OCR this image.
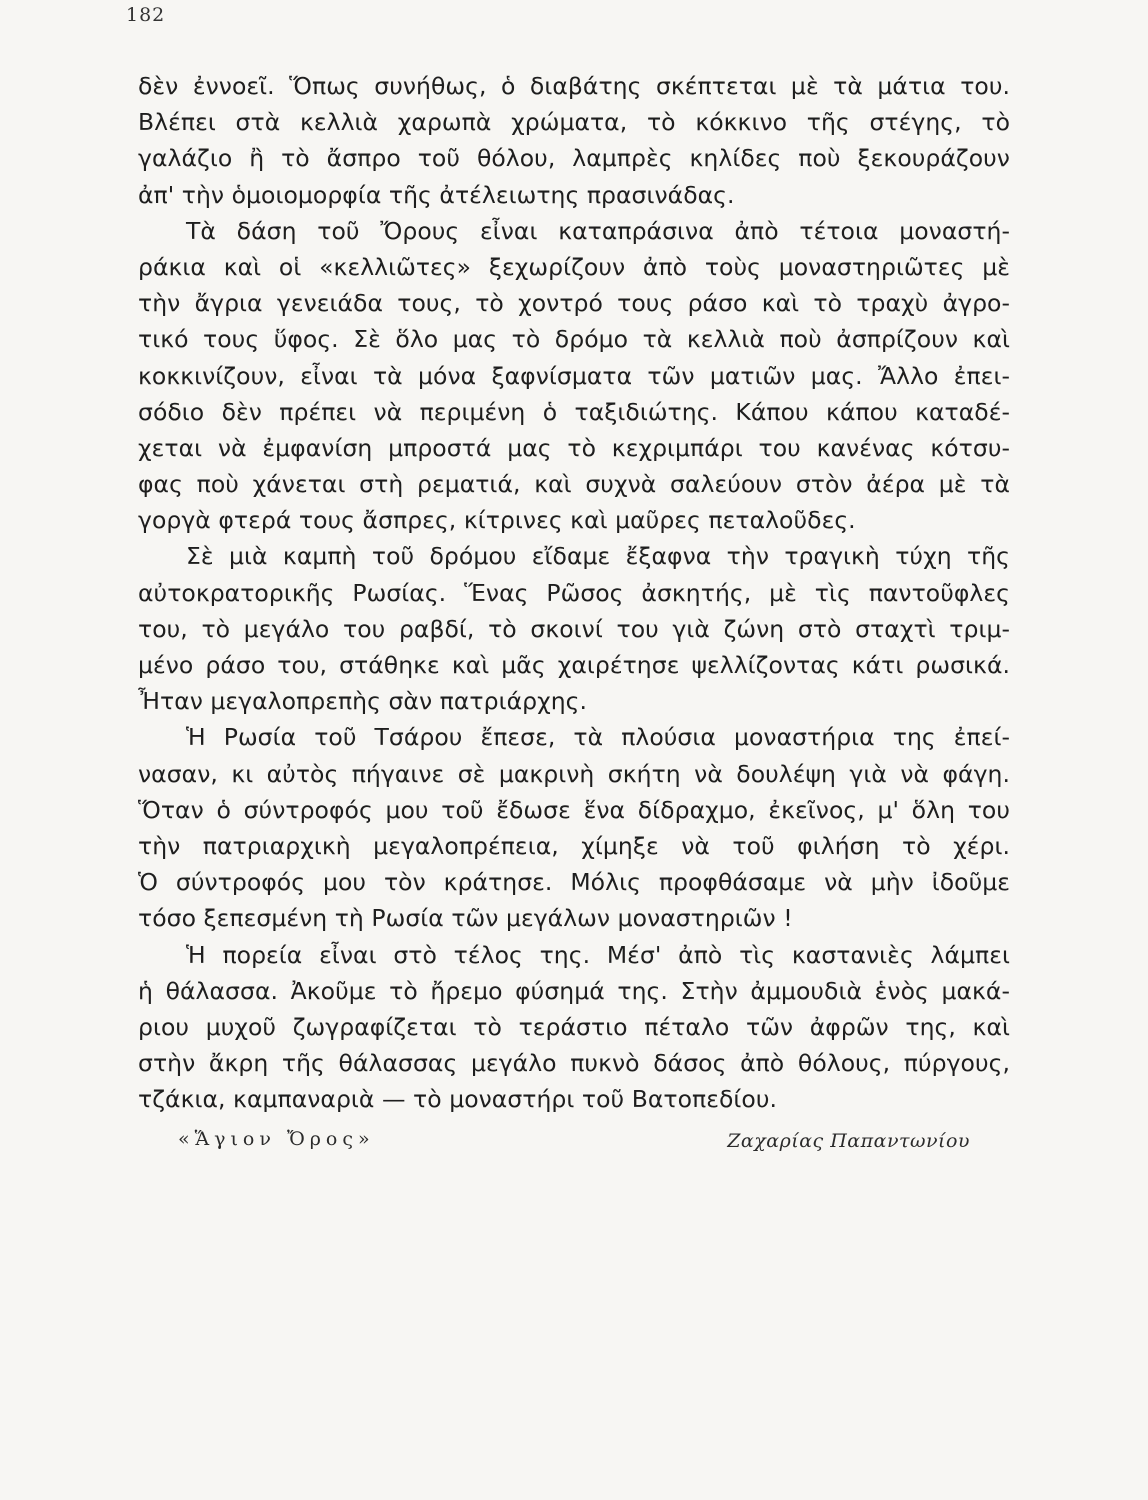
182
δὲν ἐννοεῖ. Ὅπως συνήθως, ὁ διαβάτης σκέπτεται μὲ τὰ μάτια του.
Βλέπει στὰ κελλιὰ χαρωπὰ χρώματα, τὸ κόκκινο τῆς στέγης, τὸ
γαλάζιο ἢ τὸ ἄσπρο τοῦ θόλου, λαμπρὲς κηλίδες ποὺ ξεκουράζουν
ἀπ' τὴν ὁμοιομορφία τῆς ἀτέλειωτης πρασινάδας.
Τὰ δάση τοῦ Ὄρους εἶναι καταπράσινα ἀπὸ τέτοια μοναστή-
ράκια καὶ οἱ «κελλιῶτες» ξεχωρίζουν ἀπὸ τοὺς μοναστηριῶτες μὲ
τὴν ἄγρια γενειάδα τους, τὸ χοντρό τους ράσο καὶ τὸ τραχὺ ἀγρο-
τικό τους ὕφος. Σὲ ὅλο μας τὸ δρόμο τὰ κελλιὰ ποὺ ἀσπρίζουν καὶ
κοκκινίζουν, εἶναι τὰ μόνα ξαφνίσματα τῶν ματιῶν μας. Ἄλλο ἐπει-
σόδιο δὲν πρέπει νὰ περιμένη ὁ ταξιδιώτης. Κάπου κάπου καταδέ-
χεται νὰ ἐμφανίση μπροστά μας τὸ κεχριμπάρι του κανένας κότσυ-
φας ποὺ χάνεται στὴ ρεματιά, καὶ συχνὰ σαλεύουν στὸν ἀέρα μὲ τὰ
γοργὰ φτερά τους ἄσπρες, κίτρινες καὶ μαῦρες πεταλοῦδες.
Σὲ μιὰ καμπὴ τοῦ δρόμου εἴδαμε ἔξαφνα τὴν τραγικὴ τύχη τῆς
αὐτοκρατορικῆς Ρωσίας. Ἕνας Ρῶσος ἀσκητής, μὲ τὶς παντοῦφλες
του, τὸ μεγάλο του ραβδί, τὸ σκοινί του γιὰ ζώνη στὸ σταχτὶ τριμ-
μένο ράσο του, στάθηκε καὶ μᾶς χαιρέτησε ψελλίζοντας κάτι ρωσικά.
Ἦταν μεγαλοπρεπὴς σὰν πατριάρχης.
Ἡ Ρωσία τοῦ Τσάρου ἔπεσε, τὰ πλούσια μοναστήρια της ἐπεί-
νασαν, κι αὐτὸς πήγαινε σὲ μακρινὴ σκήτη νὰ δουλέψη γιὰ νὰ φάγη.
Ὅταν ὁ σύντροφός μου τοῦ ἔδωσε ἕνα δίδραχμο, ἐκεῖνος, μ' ὅλη του
τὴν πατριαρχικὴ μεγαλοπρέπεια, χίμηξε νὰ τοῦ φιλήση τὸ χέρι.
Ὁ σύντροφός μου τὸν κράτησε. Μόλις προφθάσαμε νὰ μὴν ἰδοῦμε
τόσο ξεπεσμένη τὴ Ρωσία τῶν μεγάλων μοναστηριῶν !
Ἡ πορεία εἶναι στὸ τέλος της. Μέσ' ἀπὸ τὶς καστανιὲς λάμπει
ἡ θάλασσα. Ἀκοῦμε τὸ ἤρεμο φύσημά της. Στὴν ἀμμουδιὰ ἑνὸς μακά-
ριου μυχοῦ ζωγραφίζεται τὸ τεράστιο πέταλο τῶν ἀφρῶν της, καὶ
στὴν ἄκρη τῆς θάλασσας μεγάλο πυκνὸ δάσος ἀπὸ θόλους, πύργους,
τζάκια, καμπαναριὰ — τὸ μοναστήρι τοῦ Βατοπεδίου.
«Ἅγιον Ὄρος»	Ζαχαρίας Παπαντωνίου
